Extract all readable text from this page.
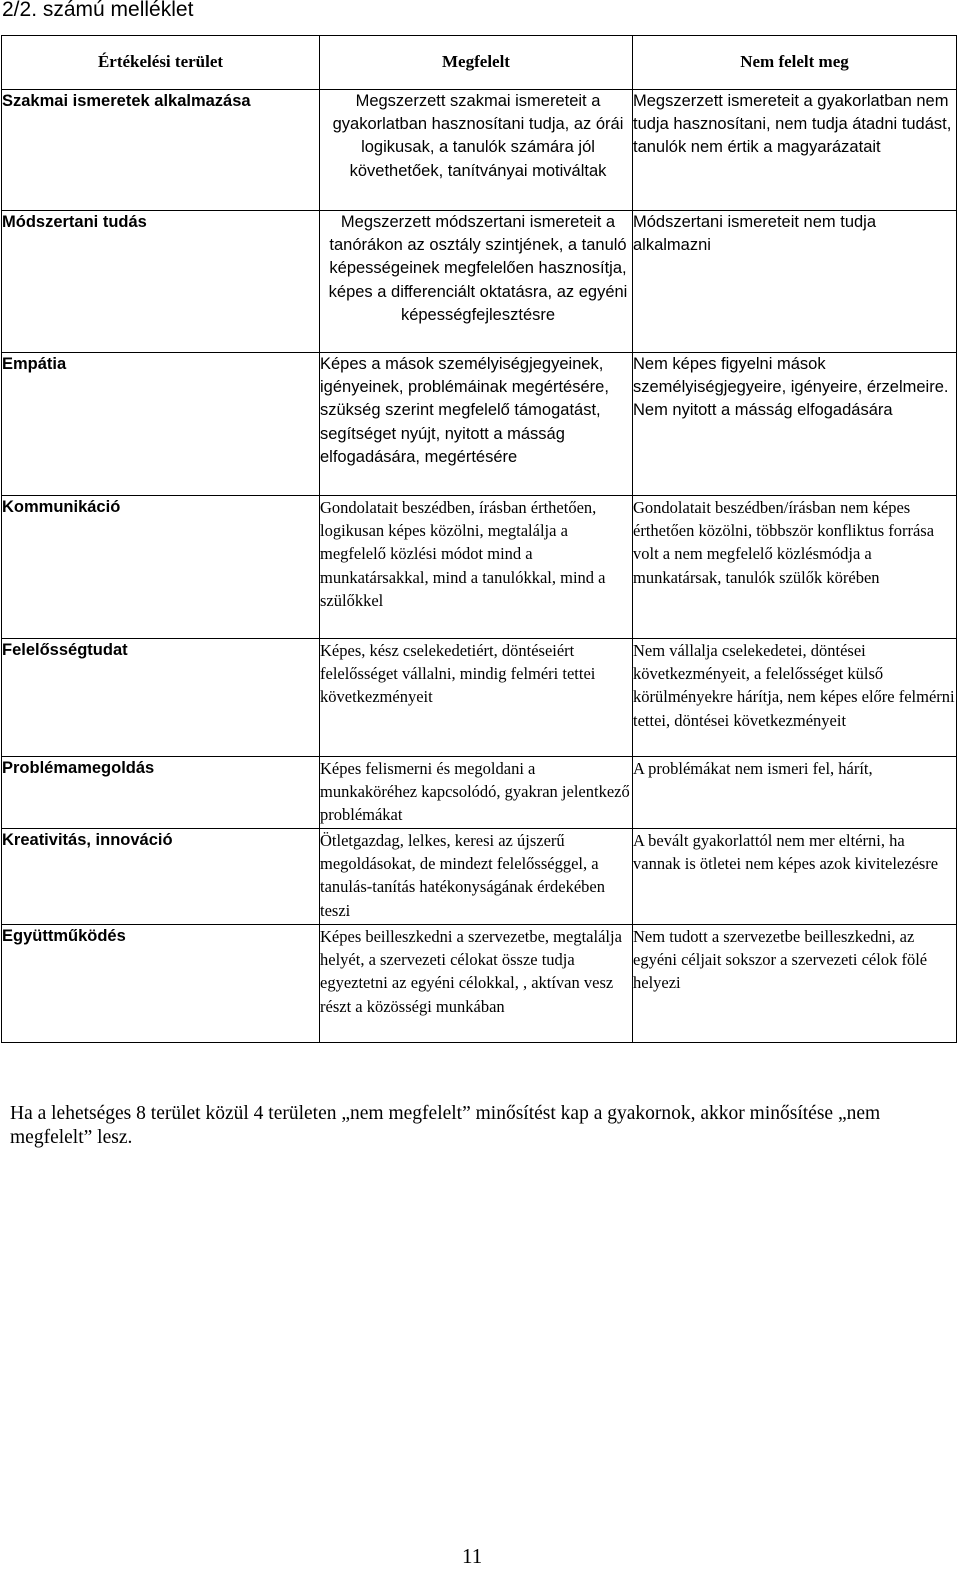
2/2. számú melléklet
Értékelési terület	Megfelelt	Nem felelt meg
Szakmai ismeretek alkalmazása	Megszerzett szakmai ismereteit a gyakorlatban hasznosítani tudja, az órái logikusak, a tanulók számára jól követhetőek, tanítványai motiváltak	Megszerzett ismereteit a gyakorlatban nem tudja hasznosítani, nem tudja átadni tudást, tanulók nem értik a magyarázatait
Módszertani tudás	Megszerzett módszertani ismereteit a tanórákon az osztály szintjének, a tanuló képességeinek megfelelően hasznosítja, képes a differenciált oktatásra, az egyéni képességfejlesztésre	Módszertani ismereteit nem tudja alkalmazni
Empátia	Képes a mások személyiségjegyeinek, igényeinek, problémáinak megértésére, szükség szerint megfelelő támogatást, segítséget nyújt, nyitott a másság elfogadására, megértésére	Nem képes figyelni mások személyiségjegyeire, igényeire, érzelmeire.
Nem nyitott a másság elfogadására
Kommunikáció	Gondolatait beszédben, írásban érthetően, logikusan képes közölni, megtalálja a megfelelő közlési módot mind a munkatársakkal, mind a tanulókkal, mind a szülőkkel	Gondolatait beszédben/írásban nem képes érthetően közölni, többször konfliktus forrása volt a nem megfelelő közlésmódja a munkatársak, tanulók szülők körében
Felelősségtudat	Képes, kész cselekedetiért, döntéseiért felelősséget vállalni, mindig felméri tettei következményeit	Nem vállalja cselekedetei, döntései következményeit, a felelősséget külső körülményekre hárítja, nem képes előre felmérni tettei, döntései következményeit
Problémamegoldás	Képes felismerni és megoldani a munkaköréhez kapcsolódó, gyakran jelentkező problémákat	A problémákat nem ismeri fel, hárít,
Kreativitás, innováció	Ötletgazdag, lelkes, keresi az újszerű megoldásokat, de mindezt felelősséggel, a tanulás-tanítás hatékonyságának érdekében teszi	A bevált gyakorlattól nem mer eltérni, ha vannak is ötletei nem képes azok kivitelezésre
Együttműködés	Képes beilleszkedni a szervezetbe, megtalálja helyét, a szervezeti célokat össze tudja egyeztetni az egyéni célokkal, , aktívan vesz részt a közösségi munkában	Nem tudott a szervezetbe beilleszkedni, az egyéni céljait sokszor a szervezeti célok fölé helyezi
Ha a lehetséges 8 terület közül 4 területen „nem megfelelt” minősítést kap a gyakornok, akkor minősítése „nem megfelelt” lesz.
11
